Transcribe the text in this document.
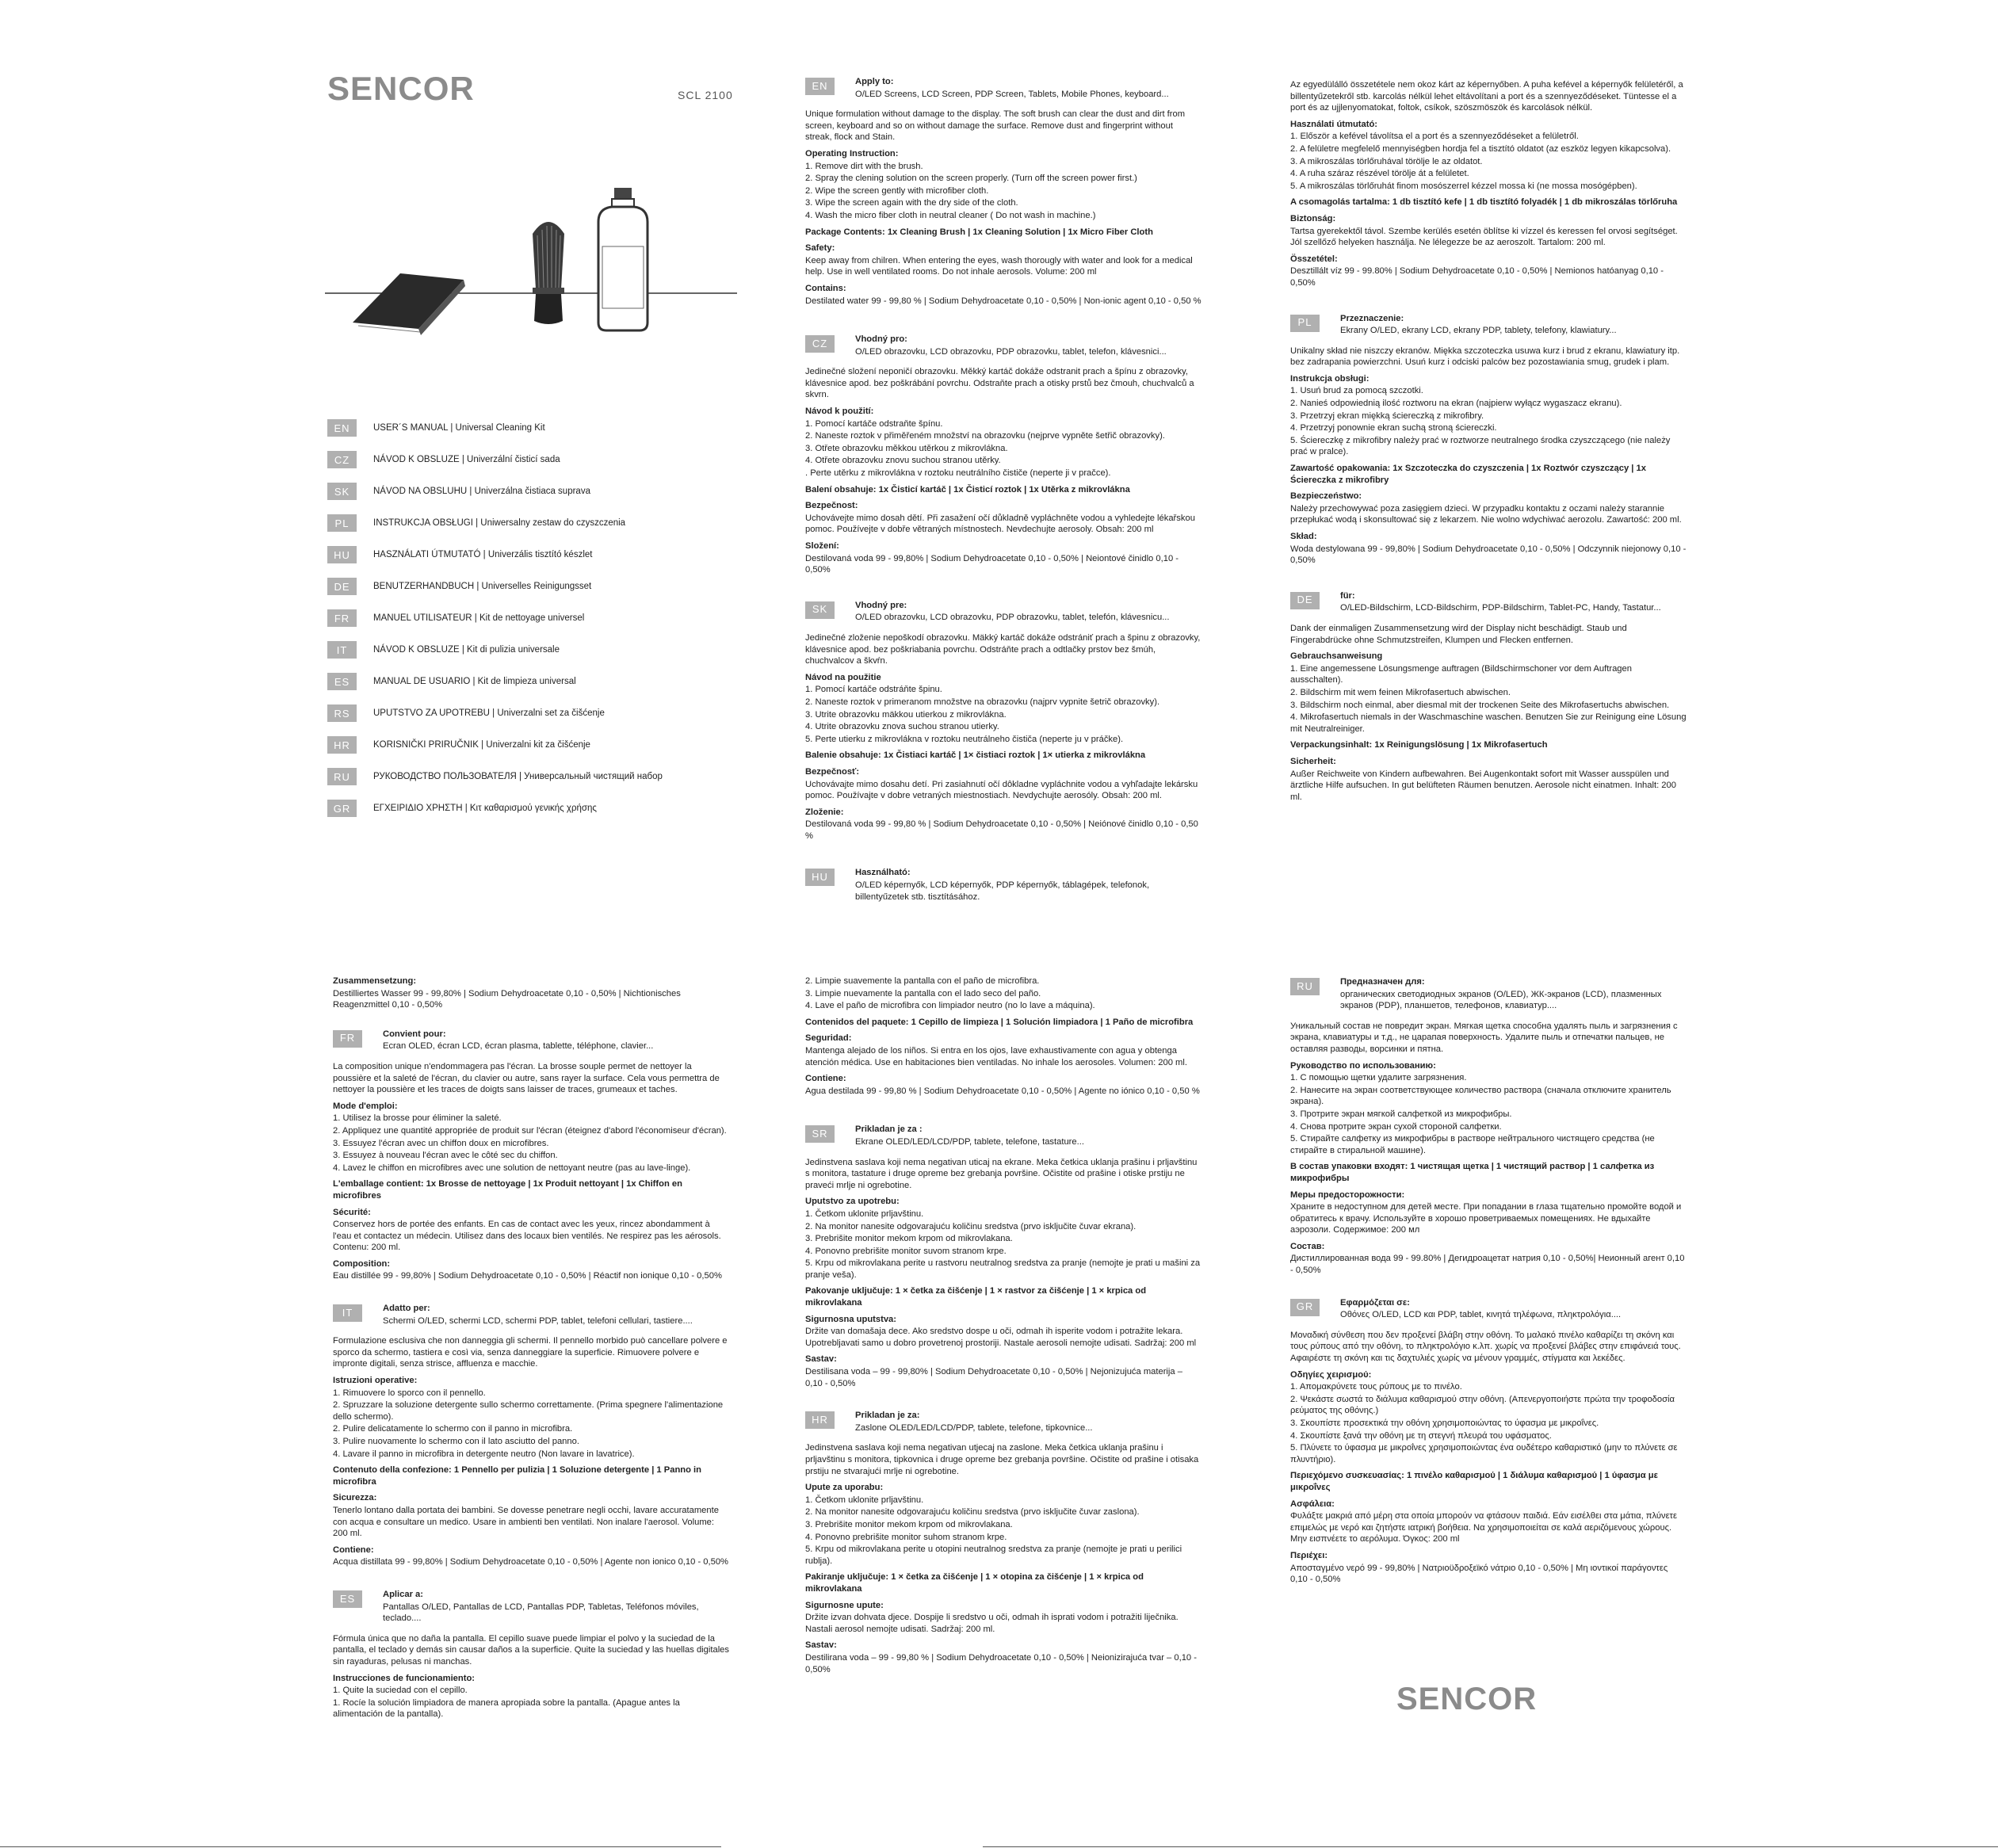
SENCOR	SCL 2100
EN	USER´S MANUAL | Universal Cleaning Kit
CZ	NÁVOD K OBSLUZE | Univerzální čisticí sada
SK	NÁVOD NA OBSLUHU | Univerzálna čistiaca suprava
PL	INSTRUKCJA OBSŁUGI | Uniwersalny zestaw do czyszczenia
HU	HASZNÁLATI ÚTMUTATÓ | Univerzális tisztító készlet
DE	BENUTZERHANDBUCH | Universelles Reinigungsset
FR	MANUEL UTILISATEUR | Kit de nettoyage universel
IT	NÁVOD K OBSLUZE | Kit di pulizia universale
ES	MANUAL DE USUARIO | Kit de limpieza universal
RS	UPUTSTVO ZA UPOTREBU | Univerzalni set za čišćenje
HR	KORISNIČKI PRIRUČNIK | Univerzalni kit za čišćenje
RU	РУКОВОДСТВО ПОЛЬЗОВАТЕЛЯ | Универсальный чистящий набор
GR	ΕΓΧΕΙΡΙΔΙΟ ΧΡΗΣΤΗ | Κιτ καθαρισμού γενικής χρήσης
EN	Apply to:

O/LED Screens, LCD Screen, PDP Screen, Tablets, Mobile Phones, keyboard...

Unique formulation without damage to the display. The soft brush can clear the dust and dirt from screen, keyboard and so on without damage the surface. Remove dust and fingerprint without streak, flock and Stain.

Operating Instruction:

1. Remove dirt with the brush.

2. Spray the clening solution on the screen properly. (Turn off the screen power first.)

2. Wipe the screen gently with microfiber cloth.

3. Wipe the screen again with the dry side of the cloth.

4. Wash the micro fiber cloth in neutral cleaner ( Do not wash in machine.)

Package Contents: 1x Cleaning Brush | 1x Cleaning Solution | 1x Micro Fiber Cloth

Safety:

Keep away from chilren. When entering the eyes, wash thorougly with water and look for a medical help. Use in well ventilated rooms. Do not inhale aerosols. Volume: 200 ml

Contains:

Destilated water 99 - 99,80 % | Sodium Dehydroacetate 0,10 - 0,50% | Non-ionic agent 0,10 - 0,50 %

CZ	Vhodný pro:

O/LED obrazovku, LCD obrazovku, PDP obrazovku, tablet, telefon, klávesnici...

Jedinečné složení neponičí obrazovku. Měkký kartáč dokáže odstranit prach a špínu z obrazovky, klávesnice apod. bez poškrábání povrchu. Odstraňte prach a otisky prstů bez čmouh, chuchvalců a skvrn.

Návod k použití:

1. Pomocí kartáče odstraňte špínu.

2. Naneste roztok v přiměřeném množství na obrazovku (nejprve vypněte šetřič obrazovky).

3. Otřete obrazovku měkkou utěrkou z mikrovlákna.

4. Otřete obrazovku znovu suchou stranou utěrky.

. Perte utěrku z mikrovlákna v roztoku neutrálního čističe (neperte ji v pračce).

Balení obsahuje: 1x Čisticí kartáč | 1x Čisticí roztok | 1x Utěrka z mikrovlákna

Bezpečnost:

Uchovávejte mimo dosah dětí. Při zasažení očí důkladně vypláchněte vodou a vyhledejte lékařskou pomoc. Používejte v dobře větraných místnostech. Nevdechujte aerosoly. Obsah: 200 ml

Složení:

Destilovaná voda 99 - 99,80% | Sodium Dehydroacetate 0,10 - 0,50% | Neiontové činidlo 0,10 - 0,50%

SK	Vhodný pre:

O/LED obrazovku, LCD obrazovku, PDP obrazovku, tablet, telefón, klávesnicu...

Jedinečné zloženie nepoškodí obrazovku. Mäkký kartáč dokáže odstrániť prach a špinu z obrazovky, klávesnice apod. bez poškriabania povrchu. Odstráňte prach a odtlačky prstov bez šmúh, chuchvalcov a škvŕn.

Návod na použitie

1. Pomocí kartáče odstráňte špinu.

2. Naneste roztok v primeranom množstve na obrazovku (najprv vypnite šetrič obrazovky).

3. Utrite obrazovku mäkkou utierkou z mikrovlákna.

4. Utrite obrazovku znova suchou stranou utierky.

5. Perte utierku z mikrovlákna v roztoku neutrálneho čističa (neperte ju v práčke).

Balenie obsahuje: 1x Čistiaci kartáč | 1× čistiaci roztok | 1× utierka z mikrovlákna

Bezpečnosť:

Uchovávajte mimo dosahu detí. Pri zasiahnutí očí dôkladne vypláchnite vodou a vyhľadajte lekársku pomoc. Používajte v dobre vetraných miestnostiach. Nevdychujte aerosóly. Obsah: 200 ml.

Zloženie:

Destilovaná voda 99 - 99,80 % | Sodium Dehydroacetate 0,10 - 0,50% | Neiónové činidlo 0,10 - 0,50 %

HU	Használható:

O/LED képernyők, LCD képernyők, PDP képernyők, táblagépek, telefonok, billentyűzetek stb. tisztításához.

Az egyedülálló összetétele nem okoz kárt az képernyőben. A puha kefével a képernyők felületéről, a billentyűzetekről stb. karcolás nélkül lehet eltávolítani a port és a szennyeződéseket. Tüntesse el a port és az ujjlenyomatokat, foltok, csíkok, szöszmöszök és karcolások nélkül.

Használati útmutató:

1. Először a kefével távolítsa el a port és a szennyeződéseket a felületről.

2. A felületre megfelelő mennyiségben hordja fel a tisztító oldatot (az eszköz legyen kikapcsolva).

3. A mikroszálas törlőruhával törölje le az oldatot.

4. A ruha száraz részével törölje át a felületet.

5. A mikroszálas törlőruhát finom mosószerrel kézzel mossa ki (ne mossa mosógépben).

A csomagolás tartalma: 1 db tisztító kefe | 1 db tisztító folyadék | 1 db mikroszálas törlőruha

Biztonság:

Tartsa gyerekektől távol. Szembe kerülés esetén öblítse ki vízzel és keressen fel orvosi segítséget. Jól szellőző helyeken használja. Ne lélegezze be az aeroszolt. Tartalom: 200 ml.

Összetétel:

Desztillált víz 99 - 99.80% | Sodium Dehydroacetate 0,10 - 0,50% | Nemionos hatóanyag 0,10 - 0,50%

PL	Przeznaczenie:

Ekrany O/LED, ekrany LCD, ekrany PDP, tablety, telefony, klawiatury...

Unikalny skład nie niszczy ekranów. Miękka szczoteczka usuwa kurz i brud z ekranu, klawiatury itp. bez zadrapania powierzchni. Usuń kurz i odciski palców bez pozostawiania smug, grudek i plam.

Instrukcja obsługi:

1. Usuń brud za pomocą szczotki.

2. Nanieś odpowiednią ilość roztworu na ekran (najpierw wyłącz wygaszacz ekranu).

3. Przetrzyj ekran miękką ściereczką z mikrofibry.

4. Przetrzyj ponownie ekran suchą stroną ściereczki.

5. Ściereczkę z mikrofibry należy prać w roztworze neutralnego środka czyszczącego (nie należy prać w pralce).

Zawartość opakowania: 1x Szczoteczka do czyszczenia | 1x Roztwór czyszczący | 1x Ściereczka z mikrofibry

Bezpieczeństwo:

Należy przechowywać poza zasięgiem dzieci. W przypadku kontaktu z oczami należy starannie przepłukać wodą i skonsultować się z lekarzem. Nie wolno wdychiwać aerozolu. Zawartość: 200 ml.

Skład:

Woda destylowana 99 - 99,80% | Sodium Dehydroacetate 0,10 - 0,50% | Odczynnik niejonowy 0,10 - 0,50%

DE	für:

O/LED-Bildschirm, LCD-Bildschirm, PDP-Bildschirm, Tablet-PC, Handy, Tastatur...

Dank der einmaligen Zusammensetzung wird der Display nicht beschädigt. Staub und Fingerabdrücke ohne Schmutzstreifen, Klumpen und Flecken entfernen.

Gebrauchsanweisung

1. Eine angemessene Lösungsmenge auftragen (Bildschirmschoner vor dem Auftragen ausschalten).

2. Bildschirm mit wem feinen Mikrofasertuch abwischen.

3. Bildschirm noch einmal, aber diesmal mit der trockenen Seite des Mikrofasertuchs abwischen.

4. Mikrofasertuch niemals in der Waschmaschine waschen. Benutzen Sie zur Reinigung eine Lösung mit Neutralreiniger.

Verpackungsinhalt: 1x Reinigungslösung | 1x Mikrofasertuch

Sicherheit:

Außer Reichweite von Kindern aufbewahren. Bei Augenkontakt sofort mit Wasser ausspülen und ärztliche Hilfe aufsuchen. In gut belüfteten Räumen benutzen. Aerosole nicht einatmen. Inhalt: 200 ml.

Zusammensetzung:

Destilliertes Wasser 99 - 99,80% | Sodium Dehydroacetate 0,10 - 0,50% | Nichtionisches Reagenzmittel 0,10 - 0,50%

FR	Convient pour:

Ecran OLED, écran LCD, écran plasma, tablette, téléphone, clavier...

La composition unique n'endommagera pas l'écran. La brosse souple permet de nettoyer la poussière et la saleté de l'écran, du clavier ou autre, sans rayer la surface. Cela vous permettra de nettoyer la poussière et les traces de doigts sans laisser de traces, grumeaux et taches.

Mode d'emploi:

1. Utilisez la brosse pour éliminer la saleté.

2. Appliquez une quantité appropriée de produit sur l'écran (éteignez d'abord l'économiseur d'écran).

3. Essuyez l'écran avec un chiffon doux en microfibres.

3. Essuyez à nouveau l'écran avec le côté sec du chiffon.

4. Lavez le chiffon en microfibres avec une solution de nettoyant neutre (pas au lave-linge).

L'emballage contient: 1x Brosse de nettoyage | 1x Produit nettoyant | 1x Chiffon en microfibres

Sécurité:

Conservez hors de portée des enfants. En cas de contact avec les yeux, rincez abondamment à l'eau et contactez un médecin. Utilisez dans des locaux bien ventilés. Ne respirez pas les aérosols. Contenu: 200 ml.

Composition:

Eau distillée 99 - 99,80% | Sodium Dehydroacetate 0,10 - 0,50% | Réactif non ionique 0,10 - 0,50%

IT	Adatto per:

Schermi O/LED, schermi LCD, schermi PDP, tablet, telefoni cellulari, tastiere....

Formulazione esclusiva che non danneggia gli schermi. Il pennello morbido può cancellare polvere e sporco da schermo, tastiera e così via, senza danneggiare la superficie. Rimuovere polvere e impronte digitali, senza strisce, affluenza e macchie.

Istruzioni operative:

1. Rimuovere lo sporco con il pennello.

2. Spruzzare la soluzione detergente sullo schermo correttamente. (Prima spegnere l'alimentazione dello schermo).

2. Pulire delicatamente lo schermo con il panno in microfibra.

3. Pulire nuovamente lo schermo con il lato asciutto del panno.

4. Lavare il panno in microfibra in detergente neutro (Non lavare in lavatrice).

Contenuto della confezione: 1 Pennello per pulizia | 1 Soluzione detergente | 1 Panno in microfibra

Sicurezza:

Tenerlo lontano dalla portata dei bambini. Se dovesse penetrare negli occhi, lavare accuratamente con acqua e consultare un medico. Usare in ambienti ben ventilati. Non inalare l'aerosol. Volume: 200 ml.

Contiene:

Acqua distillata 99 - 99,80% | Sodium Dehydroacetate 0,10 - 0,50% | Agente non ionico 0,10 - 0,50%

ES	Aplicar a:

Pantallas O/LED, Pantallas de LCD, Pantallas PDP, Tabletas, Teléfonos móviles, teclado....

Fórmula única que no daña la pantalla. El cepillo suave puede limpiar el polvo y la suciedad de la pantalla, el teclado y demás sin causar daños a la superficie. Quite la suciedad y las huellas digitales sin rayaduras, pelusas ni manchas.

Instrucciones de funcionamiento:

1. Quite la suciedad con el cepillo.

1. Rocíe la solución limpiadora de manera apropiada sobre la pantalla. (Apague antes la alimentación de la pantalla).

2. Limpie suavemente la pantalla con el paño de microfibra.

3. Limpie nuevamente la pantalla con el lado seco del paño.

4. Lave el paño de microfibra con limpiador neutro (no lo lave a máquina).

Contenidos del paquete: 1 Cepillo de limpieza | 1 Solución limpiadora | 1 Paño de microfibra

Seguridad:

Mantenga alejado de los niños. Si entra en los ojos, lave exhaustivamente con agua y obtenga atención médica. Use en habitaciones bien ventiladas. No inhale los aerosoles. Volumen: 200 ml.

Contiene:

Agua destilada 99 - 99,80 % | Sodium Dehydroacetate 0,10 - 0,50% | Agente no iónico 0,10 - 0,50 %

SR	Prikladan je za :

Ekrane OLED/LED/LCD/PDP, tablete, telefone, tastature...

Jedinstvena saslava koji nema negativan uticaj na ekrane. Meka četkica uklanja prašinu i prljavštinu s monitora, tastature i druge opreme bez grebanja površine. Očistite od prašine i otiske prstiju ne praveći mrlje ni ogrebotine.

Uputstvo za upotrebu:

1. Četkom uklonite prljavštinu.

2. Na monitor nanesite odgovarajuću količinu sredstva (prvo isključite čuvar ekrana).

3. Prebrišite monitor mekom krpom od mikrovlakana.

4. Ponovno prebrišite monitor suvom stranom krpe.

5. Krpu od mikrovlakana perite u rastvoru neutralnog sredstva za pranje (nemojte je prati u mašini za pranje veša).

Pakovanje uključuje: 1 × četka za čišćenje | 1 × rastvor za čišćenje | 1 × krpica od mikrovlakana

Sigurnosna uputstva:

Držite van domašaja dece. Ako sredstvo dospe u oči, odmah ih isperite vodom i potražite lekara. Upotrebljavati samo u dobro provetrenoj prostoriji. Nastale aerosoli nemojte udisati. Sadržaj: 200 ml

Sastav:

Destilisana voda – 99 - 99,80% | Sodium Dehydroacetate 0,10 - 0,50% | Nejonizujuća materija – 0,10 - 0,50%

HR	Prikladan je za:

Zaslone OLED/LED/LCD/PDP, tablete, telefone, tipkovnice...

Jedinstvena saslava koji nema negativan utjecaj na zaslone. Meka četkica uklanja prašinu i prljavštinu s monitora, tipkovnica i druge opreme bez grebanja površine. Očistite od prašine i otisaka prstiju ne stvarajući mrlje ni ogrebotine.

Upute za uporabu:

1. Četkom uklonite prljavštinu.

2. Na monitor nanesite odgovarajuću količinu sredstva (prvo isključite čuvar zaslona).

3. Prebrišite monitor mekom krpom od mikrovlakana.

4. Ponovno prebrišite monitor suhom stranom krpe.

5. Krpu od mikrovlakana perite u otopini neutralnog sredstva za pranje (nemojte je prati u perilici rublja).

Pakiranje uključuje: 1 × četka za čišćenje | 1 × otopina za čišćenje | 1 × krpica od mikrovlakana

Sigurnosne upute:

Držite izvan dohvata djece. Dospije li sredstvo u oči, odmah ih isprati vodom i potražiti liječnika. Nastali aerosol nemojte udisati. Sadržaj: 200 ml.

Sastav:

Destilirana voda – 99 - 99,80 % | Sodium Dehydroacetate 0,10 - 0,50% | Neionizirajuća tvar – 0,10 - 0,50%

RU	Предназначен для:

органических светодиодных экранов (O/LED), ЖК-экранов (LCD), плазменных экранов (PDP), планшетов, телефонов, клавиатур....

Уникальный состав не повредит экран. Мягкая щетка способна удалять пыль и загрязнения с экрана, клавиатуры и т.д., не царапая поверхность. Удалите пыль и отпечатки пальцев, не оставляя разводы, ворсинки и пятна.

Руководство по использованию:

1. С помощью щетки удалите загрязнения.

2. Нанесите на экран соответствующее количество раствора (сначала отключите хранитель экрана).

3. Протрите экран мягкой салфеткой из микрофибры.

4. Снова протрите экран сухой стороной салфетки.

5. Стирайте салфетку из микрофибры в растворе нейтрального чистящего средства (не стирайте в стиральной машине).

В состав упаковки входят: 1 чистящая щетка | 1 чистящий раствор | 1 салфетка из микрофибры

Меры предосторожности:

Храните в недоступном для детей месте. При попадании в глаза тщательно промойте водой и обратитесь к врачу. Используйте в хорошо проветриваемых помещениях. Не вдыхайте аэрозоли. Содержимое: 200 мл

Состав:

Дистиллированная вода 99 - 99.80% | Дегидроацетат натрия 0,10 - 0,50%| Неионный агент 0,10 - 0,50%

GR	Εφαρμόζεται σε:

Οθόνες O/LED, LCD και PDP, tablet, κινητά τηλέφωνα, πληκτρολόγια....

Μοναδική σύνθεση που δεν προξενεί βλάβη στην οθόνη. Το μαλακό πινέλο καθαρίζει τη σκόνη και τους ρύπους από την οθόνη, το πληκτρολόγιο κ.λπ. χωρίς να προξενεί βλάβες στην επιφάνειά τους. Αφαιρέστε τη σκόνη και τις δαχτυλιές χωρίς να μένουν γραμμές, στίγματα και λεκέδες.

Οδηγίες χειρισμού:

1. Απομακρύνετε τους ρύπους με το πινέλο.

2. Ψεκάστε σωστά το διάλυμα καθαρισμού στην οθόνη. (Απενεργοποιήστε πρώτα την τροφοδοσία ρεύματος της οθόνης.)

3. Σκουπίστε προσεκτικά την οθόνη χρησιμοποιώντας το ύφασμα με μικροΐνες.

4. Σκουπίστε ξανά την οθόνη με τη στεγνή πλευρά του υφάσματος.

5. Πλύνετε το ύφασμα με μικροΐνες χρησιμοποιώντας ένα ουδέτερο καθαριστικό (μην το πλύνετε σε πλυντήριο).

Περιεχόμενο συσκευασίας: 1 πινέλο καθαρισμού | 1 διάλυμα καθαρισμού | 1 ύφασμα με μικροΐνες

Ασφάλεια:

Φυλάξτε μακριά από μέρη στα οποία μπορούν να φτάσουν παιδιά. Εάν εισέλθει στα μάτια, πλύνετε επιμελώς με νερό και ζητήστε ιατρική βοήθεια. Να χρησιμοποιείται σε καλά αεριζόμενους χώρους. Μην εισπνέετε το αερόλυμα. Όγκος: 200 ml

Περιέχει:

Αποσταγμένο νερό 99 - 99,80% | Νατριοϋδροξεϊκό νάτριο 0,10 - 0,50% | Μη ιοντικοί παράγοντες 0,10 - 0,50%

SENCOR
